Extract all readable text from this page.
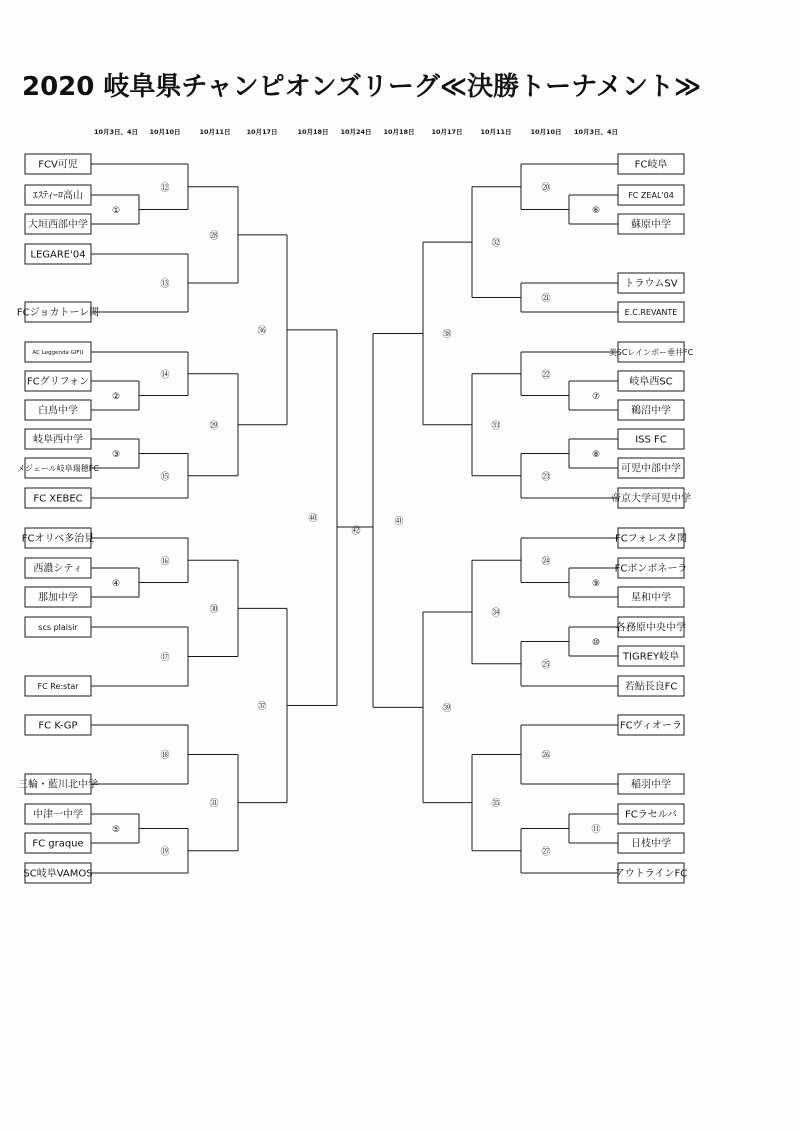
2020 岐阜県チャンピオンズリーグ≪決勝トーナメント≫
10月3日、4日 10月10日	10月11日 10月17日	10月18日 10月24日 10月18日	10月17日	10月11日	10月10日 10月3日、4日
FCV可児
ｴｽﾃｨｰﾛ高山
大垣西部中学
LEGARE'04
FCジョカトーレ関
AC Leggenda GIFU
FCグリフォン
白鳥中学
岐阜西中学
メジェール岐阜瑞穂FC
FC XEBEC
FCオリベ多治見
西濃シティ
那加中学
scs plaisir
FC Re:star
FC K-GP
三輪・藍川北中学
中津一中学
FC graque
SC岐阜VAMOS
①
②
③
④
⑤
⑫
⑬
⑭
⑮
⑯
⑰
⑱
⑲
㉘
㉙
㉚
㉛
㊱
㊲
㊵
FC岐阜
FC ZEAL'04
蘇原中学
トラウムSV
E.C.REVANTE
美SCレインボー垂井FC
岐阜西SC
鵜沼中学
ISS FC
可児中部中学
帝京大学可児中学
FCフォレスタ関
FCボンボネーラ
星和中学
各務原中央中学
TIGREY岐阜
若鮎長良FC
FCヴィオーラ
稲羽中学
FCラセルバ
日枝中学
アウトラインFC
⑥
⑦
⑧
⑨
⑩
⑪
⑳
㉑
㉒
㉓
㉔
㉕
㉖
㉗
㉜
㉝
㉞
㉟
㊳
㊴
㊶
㊷
